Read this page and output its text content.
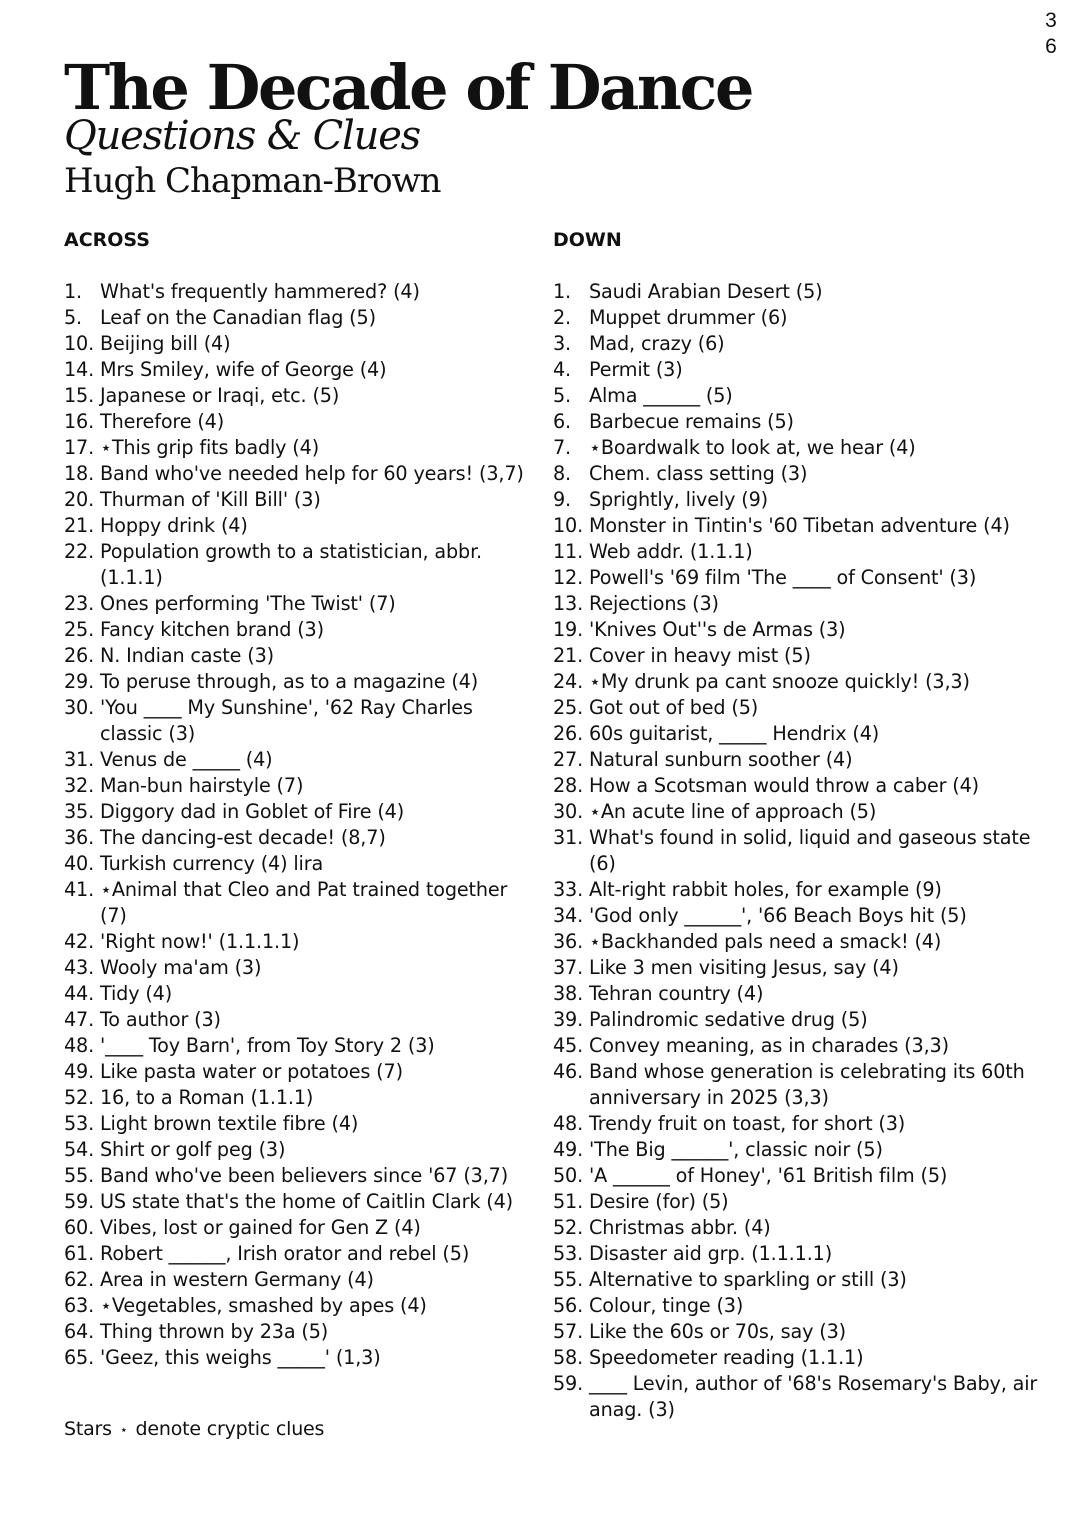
3
6
The Decade of Dance
Questions & Clues
Hugh Chapman-Brown
ACROSS	DOWN
1. What's frequently hammered? (4)
5. Leaf on the Canadian flag (5)
10. Beijing bill (4)
14. Mrs Smiley, wife of George (4)
15. Japanese or Iraqi, etc. (5)
16. Therefore (4)
17. ⋆This grip fits badly (4)
18. Band who've needed help for 60 years! (3,7)
20. Thurman of 'Kill Bill' (3)
21. Hoppy drink (4)
22. Population growth to a statistician, abbr. (1.1.1)
23. Ones performing 'The Twist' (7)
25. Fancy kitchen brand (3)
26. N. Indian caste (3)
29. To peruse through, as to a magazine (4)
30. 'You ____ My Sunshine', '62 Ray Charles classic (3)
31. Venus de _____ (4)
32. Man-bun hairstyle (7)
35. Diggory dad in Goblet of Fire (4)
36. The dancing-est decade! (8,7)
40. Turkish currency (4) lira
41. ⋆Animal that Cleo and Pat trained together (7)
42. 'Right now!' (1.1.1.1)
43. Wooly ma'am (3)
44. Tidy (4)
47. To author (3)
48. '____ Toy Barn', from Toy Story 2 (3)
49. Like pasta water or potatoes (7)
52. 16, to a Roman (1.1.1)
53. Light brown textile fibre (4)
54. Shirt or golf peg (3)
55. Band who've been believers since '67 (3,7)
59. US state that's the home of Caitlin Clark (4)
60. Vibes, lost or gained for Gen Z (4)
61. Robert ______, Irish orator and rebel (5)
62. Area in western Germany (4)
63. ⋆Vegetables, smashed by apes (4)
64. Thing thrown by 23a (5)
65. 'Geez, this weighs _____' (1,3)
1. Saudi Arabian Desert (5)
2. Muppet drummer (6)
3. Mad, crazy (6)
4. Permit (3)
5. Alma ______ (5)
6. Barbecue remains (5)
7. ⋆Boardwalk to look at, we hear (4)
8. Chem. class setting (3)
9. Sprightly, lively (9)
10. Monster in Tintin's '60 Tibetan adventure (4)
11. Web addr. (1.1.1)
12. Powell's '69 film 'The ____ of Consent' (3)
13. Rejections (3)
19. 'Knives Out''s de Armas (3)
21. Cover in heavy mist (5)
24. ⋆My drunk pa cant snooze quickly! (3,3)
25. Got out of bed (5)
26. 60s guitarist, _____ Hendrix (4)
27. Natural sunburn soother (4)
28. How a Scotsman would throw a caber (4)
30. ⋆An acute line of approach (5)
31. What's found in solid, liquid and gaseous state (6)
33. Alt-right rabbit holes, for example (9)
34. 'God only ______', '66 Beach Boys hit (5)
36. ⋆Backhanded pals need a smack! (4)
37. Like 3 men visiting Jesus, say (4)
38. Tehran country (4)
39. Palindromic sedative drug (5)
45. Convey meaning, as in charades (3,3)
46. Band whose generation is celebrating its 60th anniversary in 2025 (3,3)
48. Trendy fruit on toast, for short (3)
49. 'The Big ______', classic noir (5)
50. 'A ______ of Honey', '61 British film (5)
51. Desire (for) (5)
52. Christmas abbr. (4)
53. Disaster aid grp. (1.1.1.1)
55. Alternative to sparkling or still (3)
56. Colour, tinge (3)
57. Like the 60s or 70s, say (3)
58. Speedometer reading (1.1.1)
59. ____ Levin, author of '68's Rosemary's Baby, air anag. (3)
Stars ⋆ denote cryptic clues
